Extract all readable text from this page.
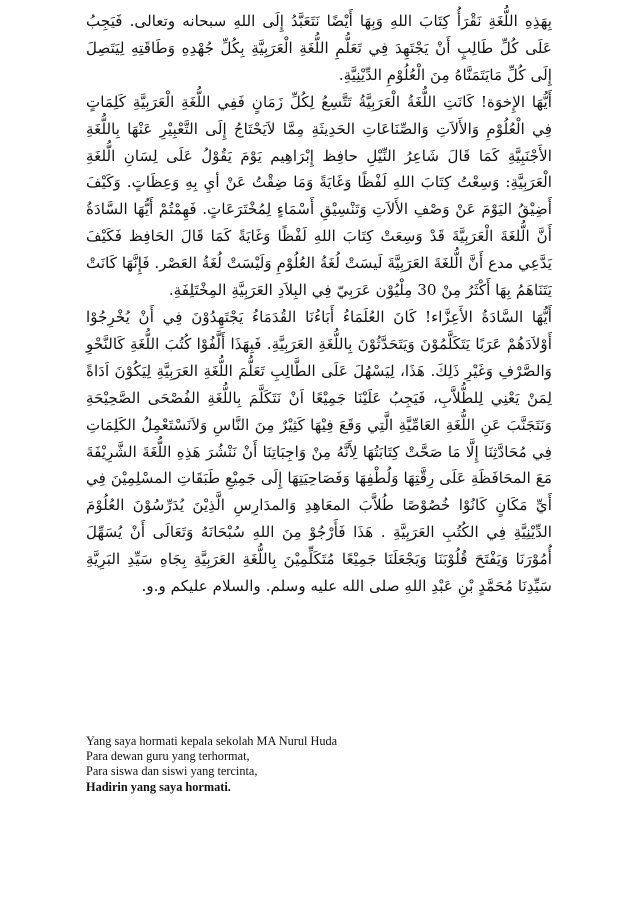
بِهَذِهِ اللُّغَةِ نَقْرَأُ كِتَابَ اللهِ وَبِهَا أَيْضًا نَتَعَبَّدُ إِلَى اللهِ سبحانه وتعالى. فَيَجِبُ عَلَى كُلِّ طَالِبٍ أَنْ يَجْتَهِدَ فِي تَعَلُّمِ اللُّغَةِ الْعَرَبِيَّةِ بِكُلِّ جُهْدِهِ وَطَاقَتِهِ لِيَتَصِلَ إِلَى كُلِّ مَايَتَمَنَّاهُ مِنَ الْعُلُوْمِ الدِّيْنِيَّةِ.

أَيُّهَا الإِخوَة! كَانَتِ اللُّغَةُ الْعَرَبِيَّةُ تَتَّسِعُ لِكُلِّ زَمَانٍ فَفِي اللُّغَةِ الْعَرَبِيَّةِ كَلِمَاتٍ فِي الْعُلُوْمِ وَالأَلاَتِ وَالصِّنَاعَاتِ الحَدِيثَةِ مِمَّا لاَيَحْتَاجُ إِلَى التَّعْبِيْرِ عَنْهَا بِاللُّغَةِ الأَجْنَبِيَّةِ كَمَا قَالَ شَاعِرُ النِّيْلِ حافِظ إِبْرَاهِيم يَوْمَ يَقُوْلُ عَلَى لِسَانِ الُّلغَةِ الْعَرَبِيَّةِ: وَسِعْتُ كِتَابَ اللهِ لَفْظًا وَغَايَةً وَمَا ضِقْتُ عَنْ أيِ بِهِ وَعِظَاتٍ. وَكَيْفَ أَضِيْقُ اليَوْمَ عَنْ وَصْفِ الأَلاَتِ وَتَنْسِيْقِ أَسْمَاءٍ لِمُخْتَرَعَاتٍ. فَهِمْتُمْ أَيُّهَا السَّادَةُ أَنَّ الُّلغَةَ الْعَرَبِيَّةَ قَدْ وَسِعَتْ كِتَابَ اللهِ لَفْظًا وَغَايَةً كَمَا قَالَ الحَافِظ فَكَيْفَ يَدَّعِي مدع أَنَّ الُّلغَةَ العَرَبِيَّةَ لَيسَتْ لُغَةُ العُلُوْمِ وَلَيْسَتْ لُغَةُ العَصْر. فَإِنَّهَا كَانَتْ يَتَنَاهَمُ بِهَا أَكْثَرُ مِنْ 30 مِلْيُوْن عَرَبِيّ فِي البِلاَدِ العَرَبِيَّةِ المِخْتَلِفَةِ.

أَيُّهَا السَّادَةُ الأَعِزَّاء! كَانَ العُلَمَاءُ أَبَاءُنَا القُدَمَاءُ يَجْتَهِدُوْنَ فِي أَنْ يُخْرِجُوْا أَوْلاَدَهُمْ عَرَبًا يَتَكَلَّمُوْنَ وَيَتَحَدَّثُوْنَ بِاللُّغَةِ العَرَبِيَّةِ. فَبِهَذَا أَلَّفُوْا كُتُبَ اللُّغَةِ كَالنَّحْوِ وَالصَّرْفِ وَغَيْرِ ذَلِكَ. هَذَا، لِيَسْهُلَ عَلَى الطَّالِبِ تَعَلُّمَ اللُّغَةِ العَرَبِيَّةِ لِيَكُوْنَ اَدَاةً لِمَنْ يَعْنِي لِلطُّلاَّبِ، فَيَجِبُ عَلَيْنَا جَمِيْعًا اَنْ نَتَكَلَّمَ بِاللُّغَةِ الفُصْحَى الصَّحِيْحَةِ وَنَتَجَنَّبَ عَنِ اللُّغَةِ العَامِّيَّةِ الَّتِي وَقَعَ فِيْهَا كَثِيْرٌ مِنَ النَّاسِ وَلاَنَسْتَعْمِلُ الكَلِمَاتِ فِي مُحَادَّثِنَا إِلَّا مَا صَحَّتْ كِتَابَتُهَا لِأَنَّهُ مِنْ وَاجِبَاتِنَا أَنْ نَنْشُرَ هَذِهِ اللُّغَةَ الشَّرِيْفَةَ مَعَ المحَافَظَةِ عَلَى رِقَّتِهَا وَلُطْفِهَا وَفَصَاحِيَتِهَا إِلَى جَمِيْعِ طَبَقَاتِ المسْلِمِيْنَ فِي أَيِّ مَكَانٍ كَانُوْا خُصُوْصًا طُلاَّبَ المعَاهِدِ وَالمدَارِسِ الَّذِيْنَ يُدَرِّسُوْنَ العُلُوْمَ الدِّيْنِيَّةِ فِي الكُتُبِ العَرَبِيَّةِ . هَذَا فَأَرْجُوْ مِنَ اللهِ سُبْحَانَهُ وَتَعَالَى أَنْ يُسَهِّلَ أُمُوْرَنَا وَيَفْتَحَ قُلُوْبَنَا وَيَجْعَلَنَا جَمِيْعًا مُتَكَلِّمِيْنَ بِاللُّغَةِ العَرَبِيَّةِ بِجَاهِ سَيِّدِ البَرِيَّةِ سَيِّدِنَا مُحَمَّدٍ بْنِ عَبْدِ اللهِ صلى الله عليه وسلم. والسلام عليكم و.و.

Yang saya hormati kepala sekolah MA Nurul Huda
Para dewan guru yang terhormat,
Para siswa dan siswi yang tercinta,
Hadirin yang saya hormati.
